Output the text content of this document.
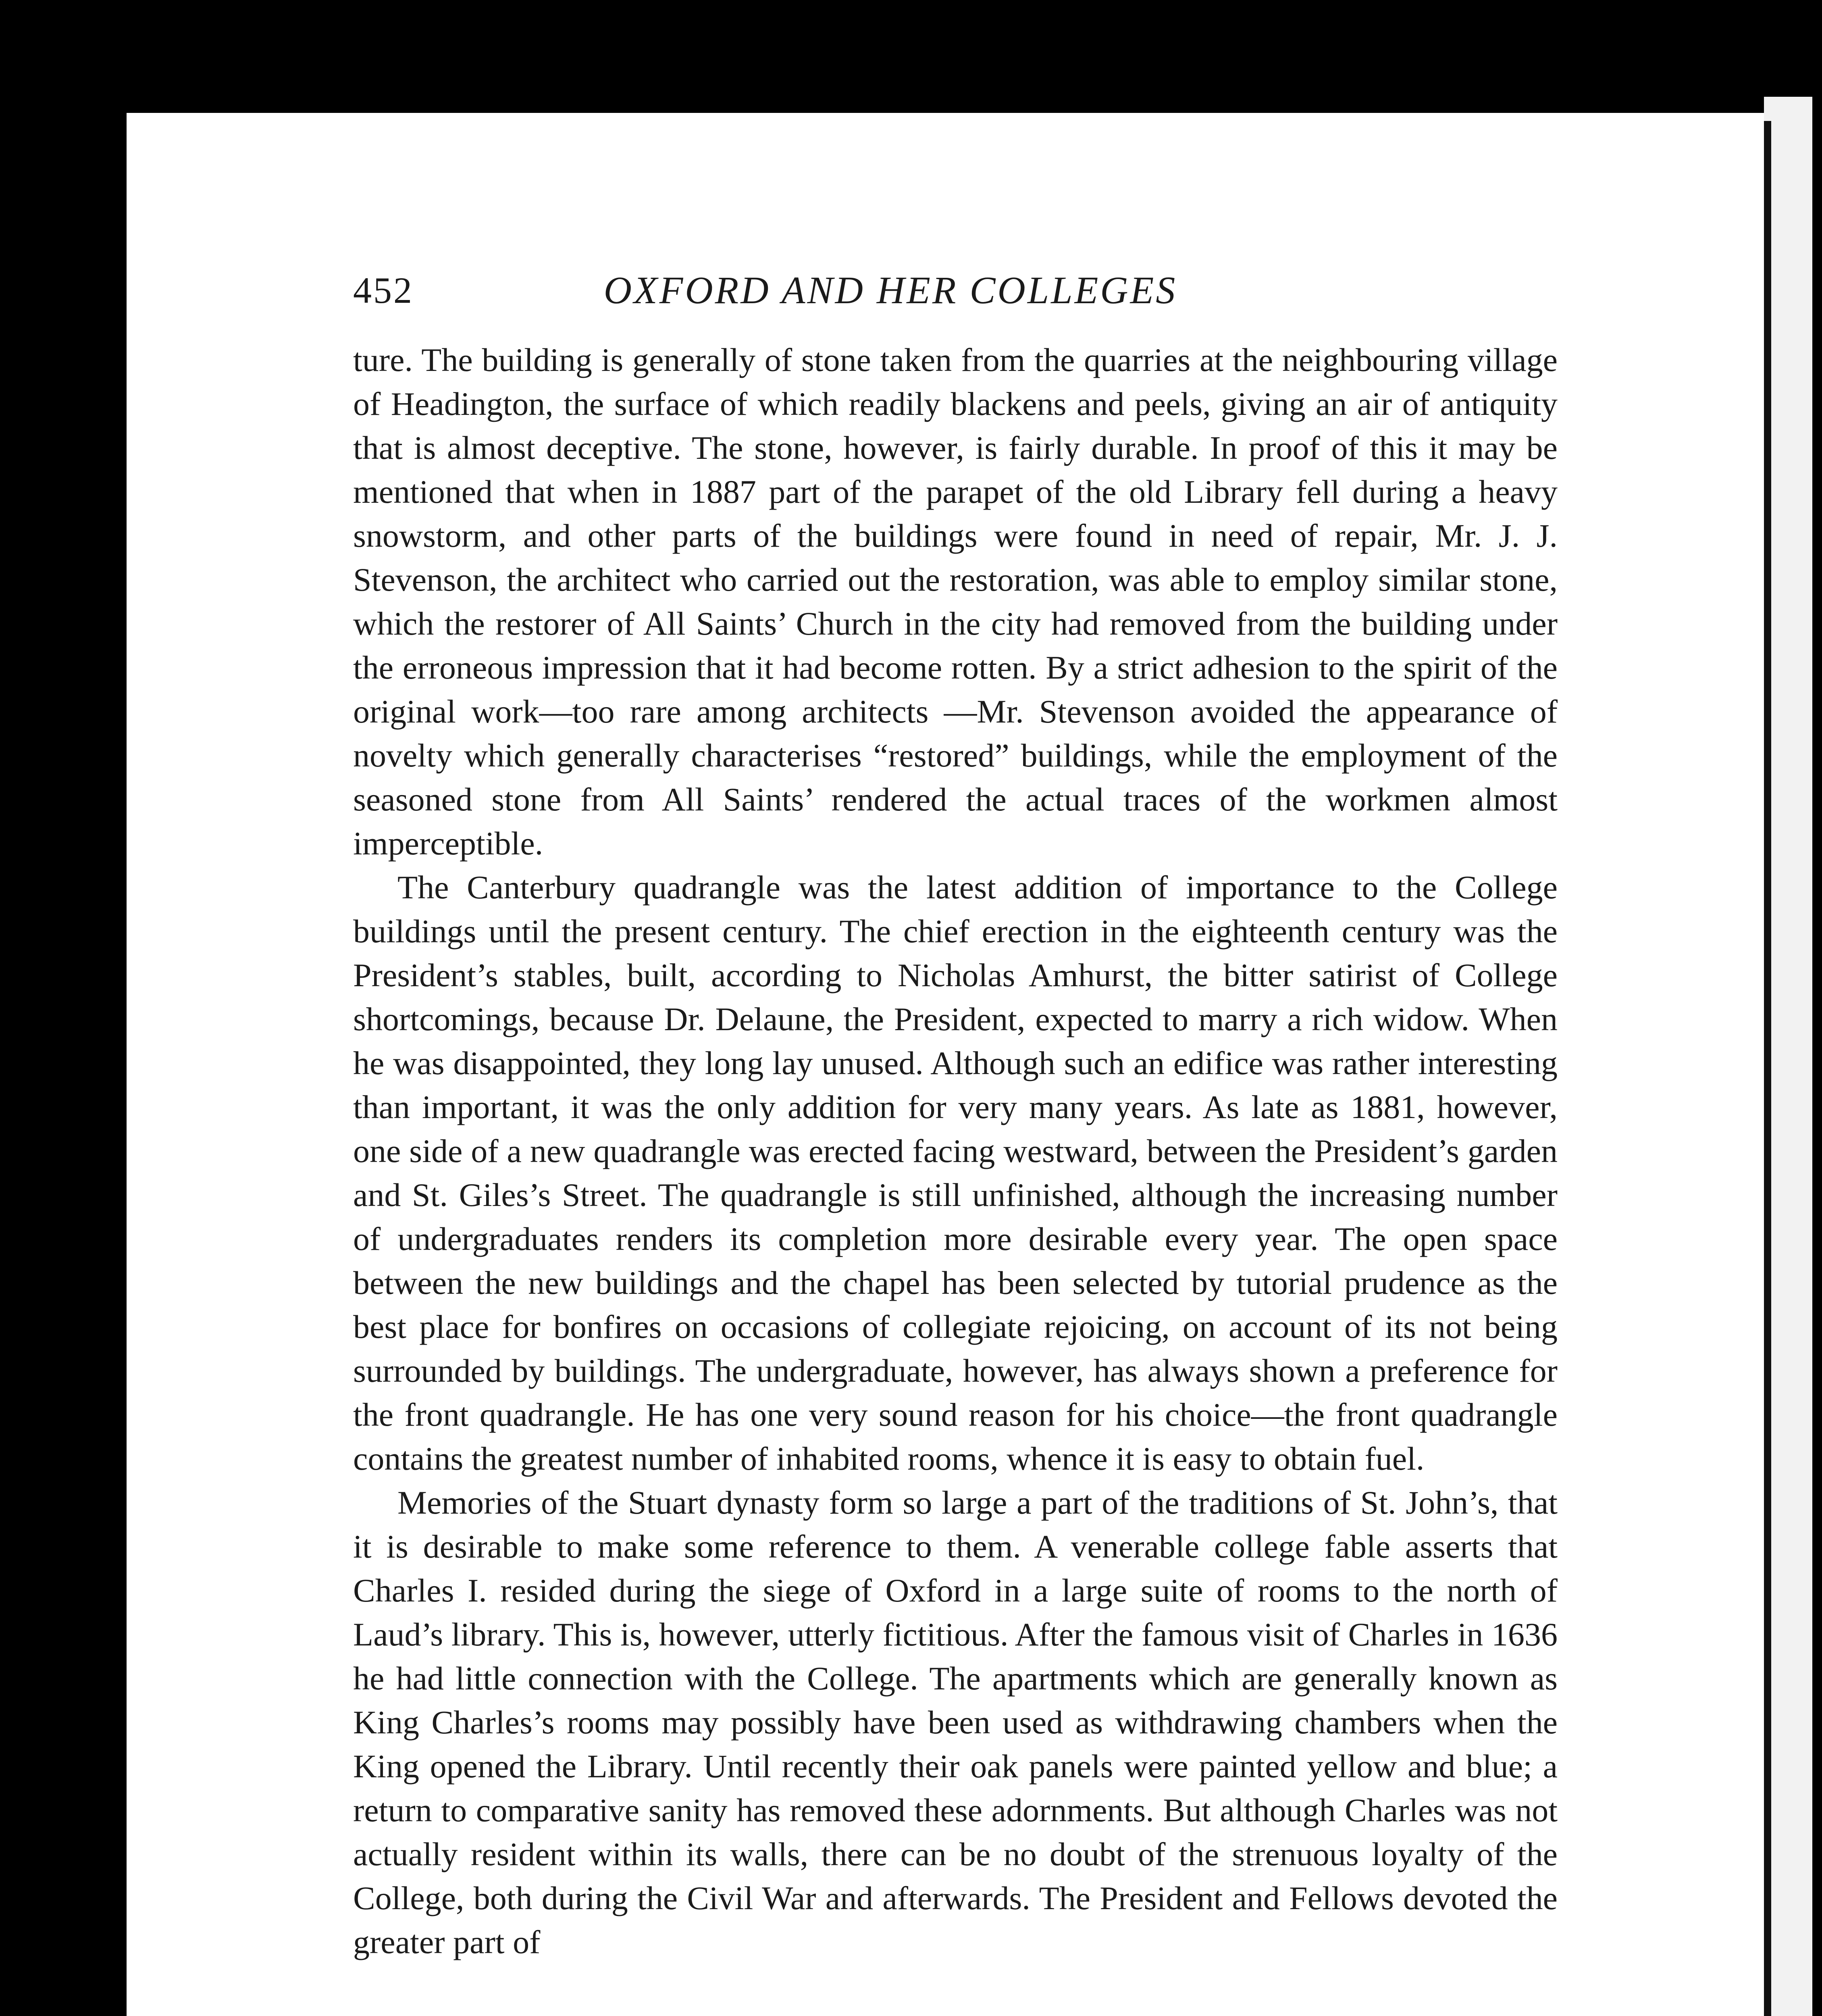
452	OXFORD AND HER COLLEGES

ture. The building is generally of stone taken from the quarries at the neighbouring village of Headington, the surface of which readily blackens and peels, giving an air of antiquity that is almost deceptive. The stone, however, is fairly durable. In proof of this it may be mentioned that when in 1887 part of the parapet of the old Library fell during a heavy snowstorm, and other parts of the buildings were found in need of repair, Mr. J. J. Stevenson, the architect who carried out the restoration, was able to employ similar stone, which the restorer of All Saints’ Church in the city had removed from the building under the erroneous impression that it had become rotten. By a strict adhesion to the spirit of the original work—too rare among architects —Mr. Stevenson avoided the appearance of novelty which generally characterises “restored” buildings, while the employment of the seasoned stone from All Saints’ rendered the actual traces of the workmen almost imperceptible.

The Canterbury quadrangle was the latest addition of importance to the College buildings until the present century. The chief erection in the eighteenth century was the President’s stables, built, according to Nicholas Amhurst, the bitter satirist of College shortcomings, because Dr. Delaune, the President, expected to marry a rich widow. When he was disappointed, they long lay unused. Although such an edifice was rather interesting than important, it was the only addition for very many years. As late as 1881, however, one side of a new quadrangle was erected facing westward, between the President’s garden and St. Giles’s Street. The quadrangle is still unfinished, although the increasing number of undergraduates renders its completion more desirable every year. The open space between the new buildings and the chapel has been selected by tutorial prudence as the best place for bonfires on occasions of collegiate rejoicing, on account of its not being surrounded by buildings. The undergraduate, however, has always shown a preference for the front quadrangle. He has one very sound reason for his choice—the front quadrangle contains the greatest number of inhabited rooms, whence it is easy to obtain fuel.

Memories of the Stuart dynasty form so large a part of the traditions of St. John’s, that it is desirable to make some reference to them. A venerable college fable asserts that Charles I. resided during the siege of Oxford in a large suite of rooms to the north of Laud’s library. This is, however, utterly fictitious. After the famous visit of Charles in 1636 he had little connection with the College. The apartments which are generally known as King Charles’s rooms may possibly have been used as withdrawing chambers when the King opened the Library. Until recently their oak panels were painted yellow and blue; a return to comparative sanity has removed these adornments. But although Charles was not actually resident within its walls, there can be no doubt of the strenuous loyalty of the College, both during the Civil War and afterwards. The President and Fellows devoted the greater part of
